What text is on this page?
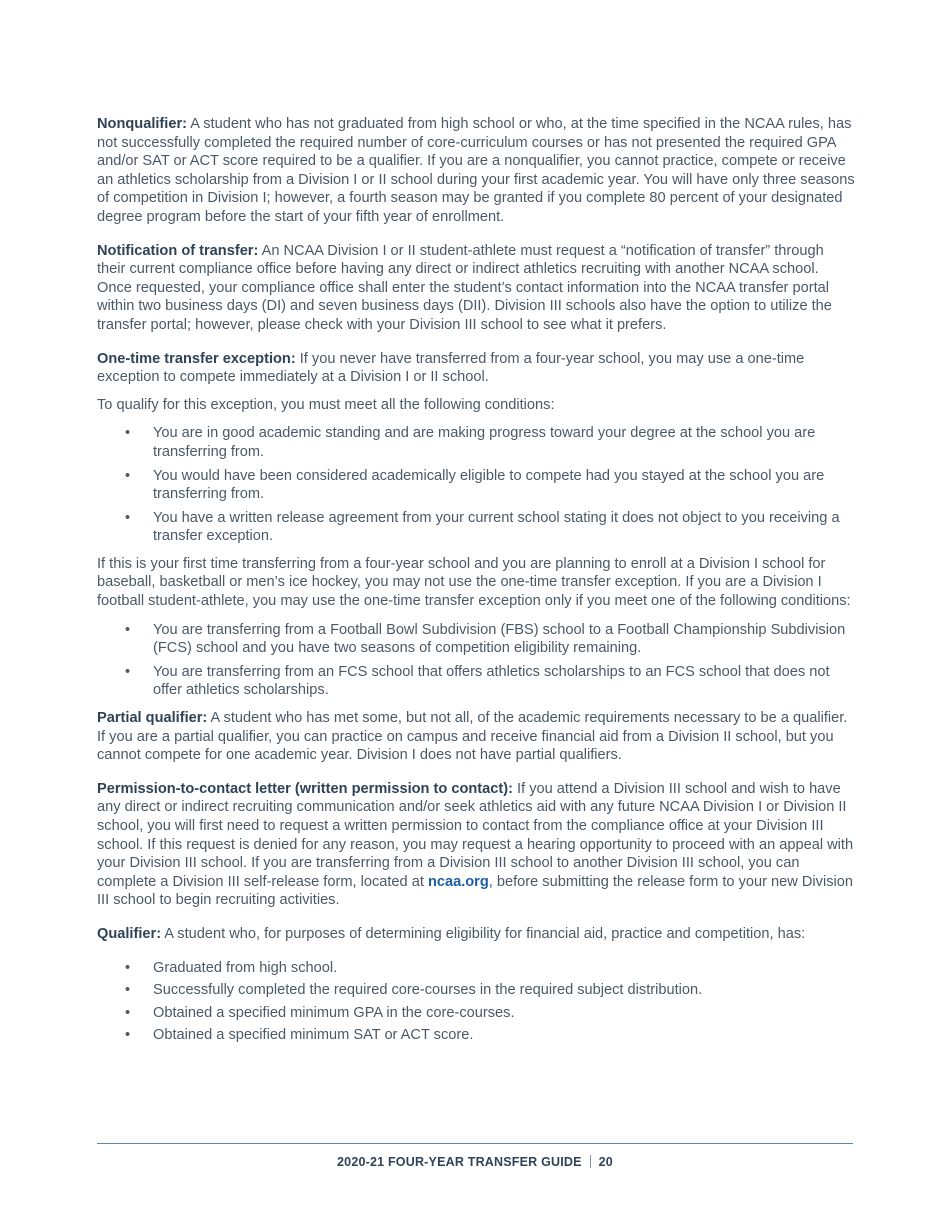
Nonqualifier: A student who has not graduated from high school or who, at the time specified in the NCAA rules, has not successfully completed the required number of core-curriculum courses or has not presented the required GPA and/or SAT or ACT score required to be a qualifier. If you are a nonqualifier, you cannot practice, compete or receive an athletics scholarship from a Division I or II school during your first academic year. You will have only three seasons of competition in Division I; however, a fourth season may be granted if you complete 80 percent of your designated degree program before the start of your fifth year of enrollment.

Notification of transfer: An NCAA Division I or II student-athlete must request a “notification of transfer” through their current compliance office before having any direct or indirect athletics recruiting with another NCAA school. Once requested, your compliance office shall enter the student’s contact information into the NCAA transfer portal within two business days (DI) and seven business days (DII). Division III schools also have the option to utilize the transfer portal; however, please check with your Division III school to see what it prefers.

One-time transfer exception: If you never have transferred from a four-year school, you may use a one-time exception to compete immediately at a Division I or II school.

To qualify for this exception, you must meet all the following conditions:

• You are in good academic standing and are making progress toward your degree at the school you are transferring from.
• You would have been considered academically eligible to compete had you stayed at the school you are transferring from.
• You have a written release agreement from your current school stating it does not object to you receiving a transfer exception.

If this is your first time transferring from a four-year school and you are planning to enroll at a Division I school for baseball, basketball or men’s ice hockey, you may not use the one-time transfer exception. If you are a Division I football student-athlete, you may use the one-time transfer exception only if you meet one of the following conditions:

• You are transferring from a Football Bowl Subdivision (FBS) school to a Football Championship Subdivision (FCS) school and you have two seasons of competition eligibility remaining.
• You are transferring from an FCS school that offers athletics scholarships to an FCS school that does not offer athletics scholarships.

Partial qualifier: A student who has met some, but not all, of the academic requirements necessary to be a qualifier. If you are a partial qualifier, you can practice on campus and receive financial aid from a Division II school, but you cannot compete for one academic year. Division I does not have partial qualifiers.

Permission-to-contact letter (written permission to contact): If you attend a Division III school and wish to have any direct or indirect recruiting communication and/or seek athletics aid with any future NCAA Division I or Division II school, you will first need to request a written permission to contact from the compliance office at your Division III school. If this request is denied for any reason, you may request a hearing opportunity to proceed with an appeal with your Division III school. If you are transferring from a Division III school to another Division III school, you can complete a Division III self-release form, located at ncaa.org, before submitting the release form to your new Division III school to begin recruiting activities.

Qualifier: A student who, for purposes of determining eligibility for financial aid, practice and competition, has:

• Graduated from high school.
• Successfully completed the required core-courses in the required subject distribution.
• Obtained a specified minimum GPA in the core-courses.
• Obtained a specified minimum SAT or ACT score.
2020-21 FOUR-YEAR TRANSFER GUIDE 20
